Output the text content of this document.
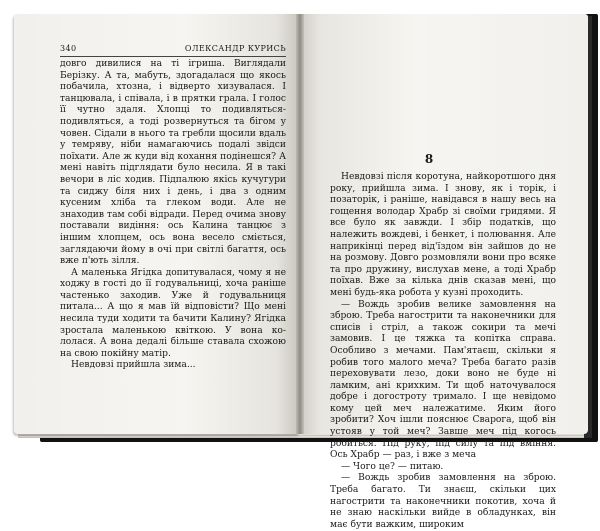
340	ОЛЕКСАНДР КУРИСЬ

довго дивилися на ті ігриша. Виглядали Берізку. А та, мабуть, здогадалася що якось побачила, хтозна, і відверто хизувалася. І танцювала, і співала, і в прятки грала. І голос її чутно здаля. Хлопці то подивляться-подивляться, а тоді розвернуться та бігом у човен. Сідали в нього та гребли щосили вдаль у темряву, ніби намагаючись подалі звідси поїхати. Але ж куди від кохання подінешся? А мені навіть підглядати було несила. Я в такі вечори в ліс ходив. Підпалюю якісь кучугури та сиджу біля них і день, і два з одним кусеним хліба та глеком води. Але не знаходив там собі відради. Перед очима знову поставали видіння: ось Калина танцює з іншим хлопцем, ось вона весело сміється, заглядаючи йому в очі при світлі багаття, ось вже п'ють зілля.

А маленька Ягідка допитувалася, чому я не ходжу в гості до її годувальниці, хоча раніше частенько заходив. Уже й годувальниця питала... А що я мав їй відповісти? Що мені несила туди ходити та бачити Калину? Ягідка зростала маленькою квіткою. У вона кололася. А вона дедалі більше ставала схожою на свою покійну матір.

Невдовзі прийшла зима...

8

Невдовзі після коротуна, найкоротшого дня року, прийшла зима. І знову, як і торік, і позаторік, і раніше, навідався в нашу весь на гощення володар Храбр зі своїми гридями. Я все було як завжди. І збір податків, що належить вождеві, і бенкет, і полювання. Але наприкінці перед від'їздом він зайшов до не на розмову. Довго розмовляли вони про всяке та про дружину, вислухав мене, а тоді Храбр поїхав. Вже за кілька днів сказав мені, що мені будь-яка робота у кузні проходить.

— Вождь зробив велике замовлення на зброю. Треба нагострити та наконечники для списів і стріл, а також сокири та мечі замовив. І це тяжка та копітка справа. Особливо з мечами. Пам'ятаєш, скільки я робив того малого меча? Треба багато разів переховувати лезо, доки воно не буде ні ламким, ані крихким. Ти щоб наточувалося добре і догостроту тримало. І ще невідомо кому цей меч належатиме. Яким його зробити? Хоч ішли пояснює Сварога, щоб він устояв у той меч? Завше меч під когось робиться. Під руку, під силу та під вміння. Ось Храбр — раз, і вже з меча

— Чого це? — питаю.

— Вождь зробив замовлення на зброю. Треба багато. Ти знаєш, скільки цих нагострити та наконечники покотив, хоча й не знаю наскільки вийде в обладунках, він має бути важким, широким
